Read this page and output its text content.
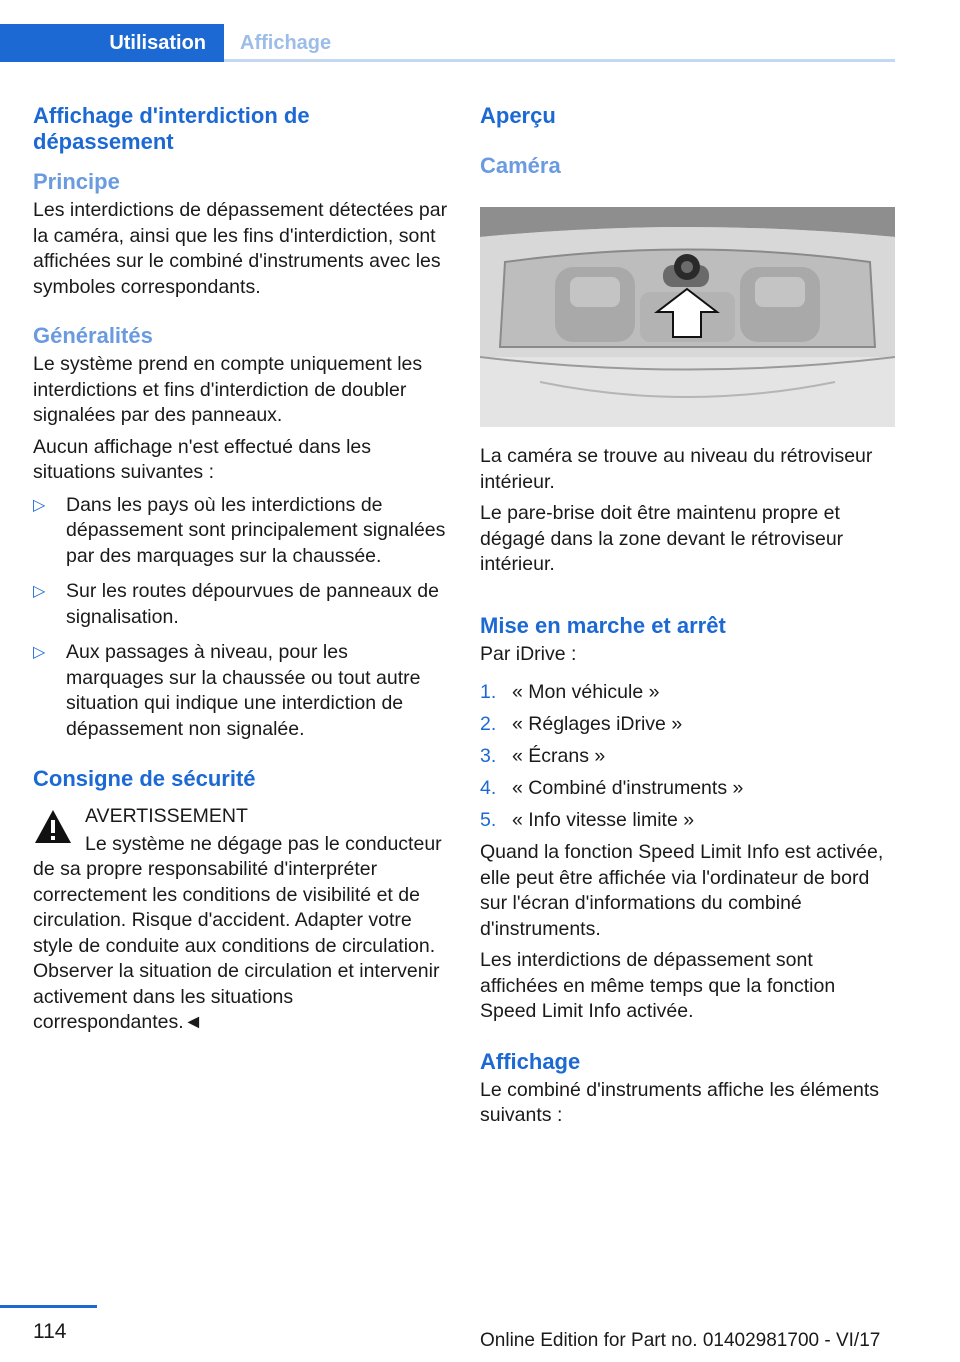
Utilisation	Affichage
Affichage d'interdiction de dépassement
Principe

Les interdictions de dépassement détectées par la caméra, ainsi que les fins d'interdiction, sont affichées sur le combiné d'instruments avec les symboles correspondants.

Généralités

Le système prend en compte uniquement les interdictions et fins d'interdiction de doubler signalées par des panneaux.

Aucun affichage n'est effectué dans les situations suivantes :

▷ Dans les pays où les interdictions de dépassement sont principalement signalées par des marquages sur la chaussée.
▷ Sur les routes dépourvues de panneaux de signalisation.
▷ Aux passages à niveau, pour les marquages sur la chaussée ou tout autre situation qui indique une interdiction de dépassement non signalée.
Consigne de sécurité

AVERTISSEMENT

Le système ne dégage pas le conducteur

de sa propre responsabilité d'interpréter correctement les conditions de visibilité et de circulation. Risque d'accident. Adapter votre style de conduite aux conditions de circulation. Observer la situation de circulation et intervenir activement dans les situations correspondantes.◄

Aperçu
Caméra

La caméra se trouve au niveau du rétroviseur intérieur.

Le pare-brise doit être maintenu propre et dégagé dans la zone devant le rétroviseur intérieur.

Mise en marche et arrêt

Par iDrive :

1. « Mon véhicule »
2. « Réglages iDrive »
3. « Écrans »
4. « Combiné d'instruments »
5. « Info vitesse limite »

Quand la fonction Speed Limit Info est activée, elle peut être affichée via l'ordinateur de bord sur l'écran d'informations du combiné d'instruments.

Les interdictions de dépassement sont affichées en même temps que la fonction Speed Limit Info activée.

Affichage

Le combiné d'instruments affiche les éléments suivants :

114	Online Edition for Part no. 01402981700 - VI/17
